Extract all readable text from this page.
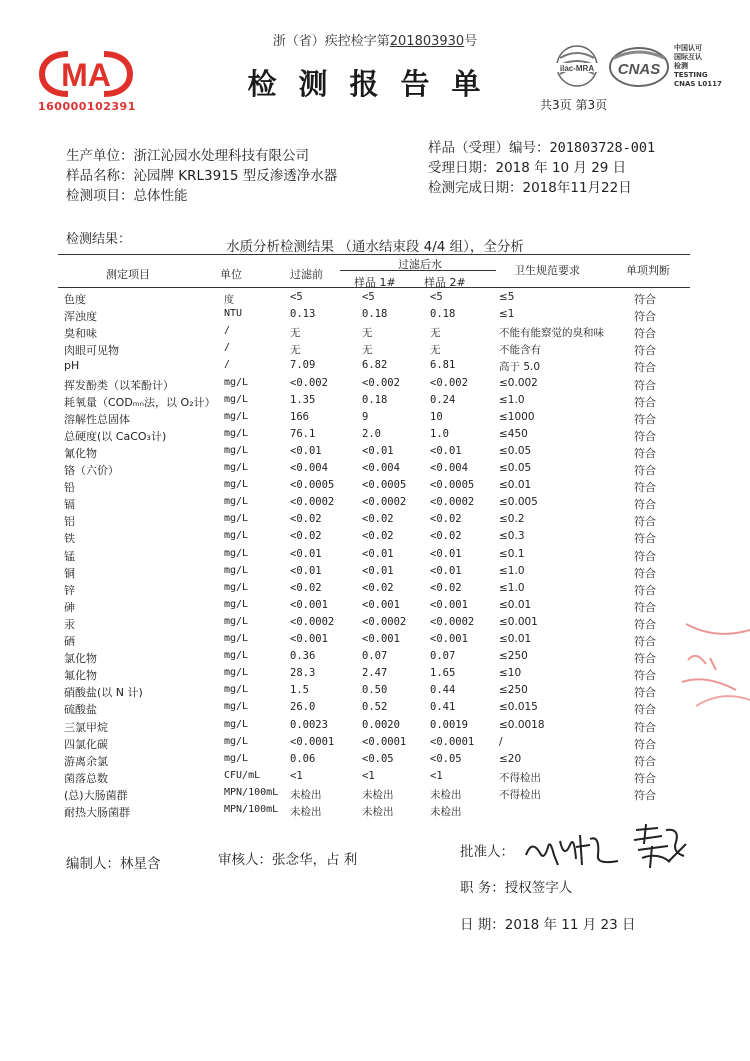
浙（省）疾控检字第201803930号
MA
160000102391
检测报告单	ilac-MRA CNAS
中国认可
国际互认
检测
TESTING
CNAS L0117
共3页 第3页
生产单位：浙江沁园水处理科技有限公司
样品名称：沁园牌 KRL3915 型反渗透净水器
检测项目：总体性能
样品（受理）编号：201803728-001
受理日期：2018 年 10 月 29 日
检测完成日期：2018年11月22日
检测结果：	水质分析检测结果 （通水结束段 4/4 组），全分析
测定项目	单位	过滤前
过滤后水
样品 1#	样品 2#
卫生规范要求	单项判断
色度	度	<5	<5	<5	≤5	符合
浑浊度	NTU	0.13	0.18	0.18	≤1	符合
臭和味	/	无	无	无	不能有能察觉的臭和味	符合
肉眼可见物	/	无	无	无	不能含有	符合
pH	/	7.09	6.82	6.81	高于 5.0	符合
挥发酚类（以苯酚计）	mg/L	<0.002	<0.002	<0.002	≤0.002	符合
耗氧量（CODₘₙ法，以 O₂计） mg/L	1.35	0.18	0.24	≤1.0	符合
溶解性总固体	mg/L	166	9	10	≤1000	符合
总硬度(以 CaCO₃计)	mg/L	76.1	2.0	1.0	≤450	符合
氰化物	mg/L	<0.01	<0.01	<0.01	≤0.05	符合
铬（六价）	mg/L	<0.004	<0.004	<0.004	≤0.05	符合
铅	mg/L	<0.0005	<0.0005 <0.0005 ≤0.01	符合
镉	mg/L	<0.0002	<0.0002 <0.0002 ≤0.005	符合
铝	mg/L	<0.02	<0.02	<0.02	≤0.2	符合
铁	mg/L	<0.02	<0.02	<0.02	≤0.3	符合
锰	mg/L	<0.01	<0.01	<0.01	≤0.1	符合
铜	mg/L	<0.01	<0.01	<0.01	≤1.0	符合
锌	mg/L	<0.02	<0.02	<0.02	≤1.0	符合
砷	mg/L	<0.001	<0.001	<0.001	≤0.01	符合
汞	mg/L	<0.0002	<0.0002 <0.0002 ≤0.001	符合
硒	mg/L	<0.001	<0.001	<0.001	≤0.01	符合
氯化物	mg/L	0.36	0.07	0.07	≤250	符合
氟化物	mg/L	28.3	2.47	1.65	≤10	符合
硝酸盐(以 N 计)	mg/L	1.5	0.50	0.44	≤250	符合
硫酸盐	mg/L	26.0	0.52	0.41	≤0.015	符合
三氯甲烷	mg/L	0.0023	0.0020	0.0019	≤0.0018	符合
四氯化碳	mg/L	<0.0001	<0.0001 <0.0001 /	符合
游离余氯	mg/L	0.06	<0.05	<0.05	≤20	符合
菌落总数	CFU/mL	<1	<1	<1	不得检出	符合
(总)大肠菌群	MPN/100mL 未检出	未检出	未检出	不得检出	符合
耐热大肠菌群	MPN/100mL 未检出	未检出	未检出
编制人：林星含	审核人：张念华，占 利	批准人：
职 务：授权签字人
日 期：2018 年 11 月 23 日
